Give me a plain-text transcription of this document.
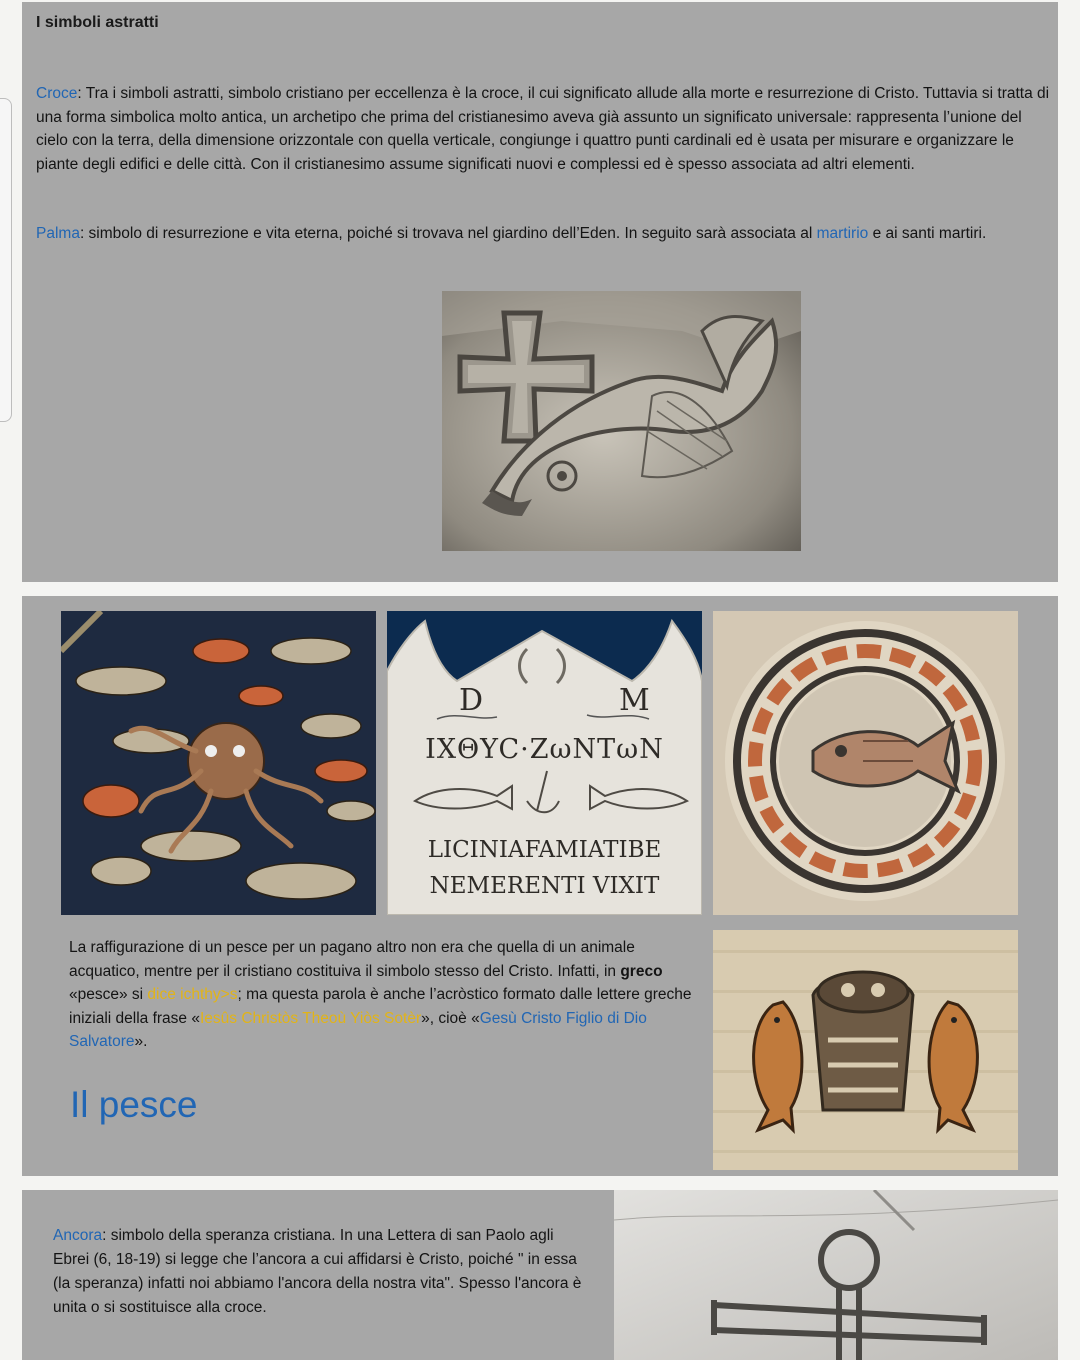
I simboli astratti

Croce: Tra i simboli astratti, simbolo cristiano per eccellenza è la croce, il cui significato allude alla morte e resurrezione di Cristo. Tuttavia si tratta di una forma simbolica molto antica, un archetipo che prima del cristianesimo aveva già assunto un significato universale: rappresenta l’unione del cielo con la terra, della dimensione orizzontale con quella verticale, congiunge i quattro punti cardinali ed è usata per misurare e organizzare le piante degli edifici e delle città. Con il cristianesimo assume significati nuovi e complessi ed è spesso associata ad altri elementi.

Palma: simbolo di resurrezione e vita eterna, poiché si trovava nel giardino dell’Eden. In seguito sarà associata al martirio e ai santi martiri.

D	M
IXΘYC·ZωNTωN
LICINIAFAMIATIBE
NEMERENTI VIXIT

La raffigurazione di un pesce per un pagano altro non era che quella di un animale acquatico, mentre per il cristiano costituiva il simbolo stesso del Cristo. Infatti, in greco «pesce» si dice ichthy>s; ma questa parola è anche l’acròstico formato dalle lettere greche iniziali della frase «Iesûs Christòs Theoù Yiòs Sotèr», cioè «Gesù Cristo Figlio di Dio Salvatore».

Il pesce

Ancora: simbolo della speranza cristiana. In una Lettera di san Paolo agli Ebrei (6, 18-19) si legge che l’ancora a cui affidarsi è Cristo, poiché " in essa (la speranza) infatti noi abbiamo l'ancora della nostra vita". Spesso l'ancora è unita o si sostituisce alla croce.
